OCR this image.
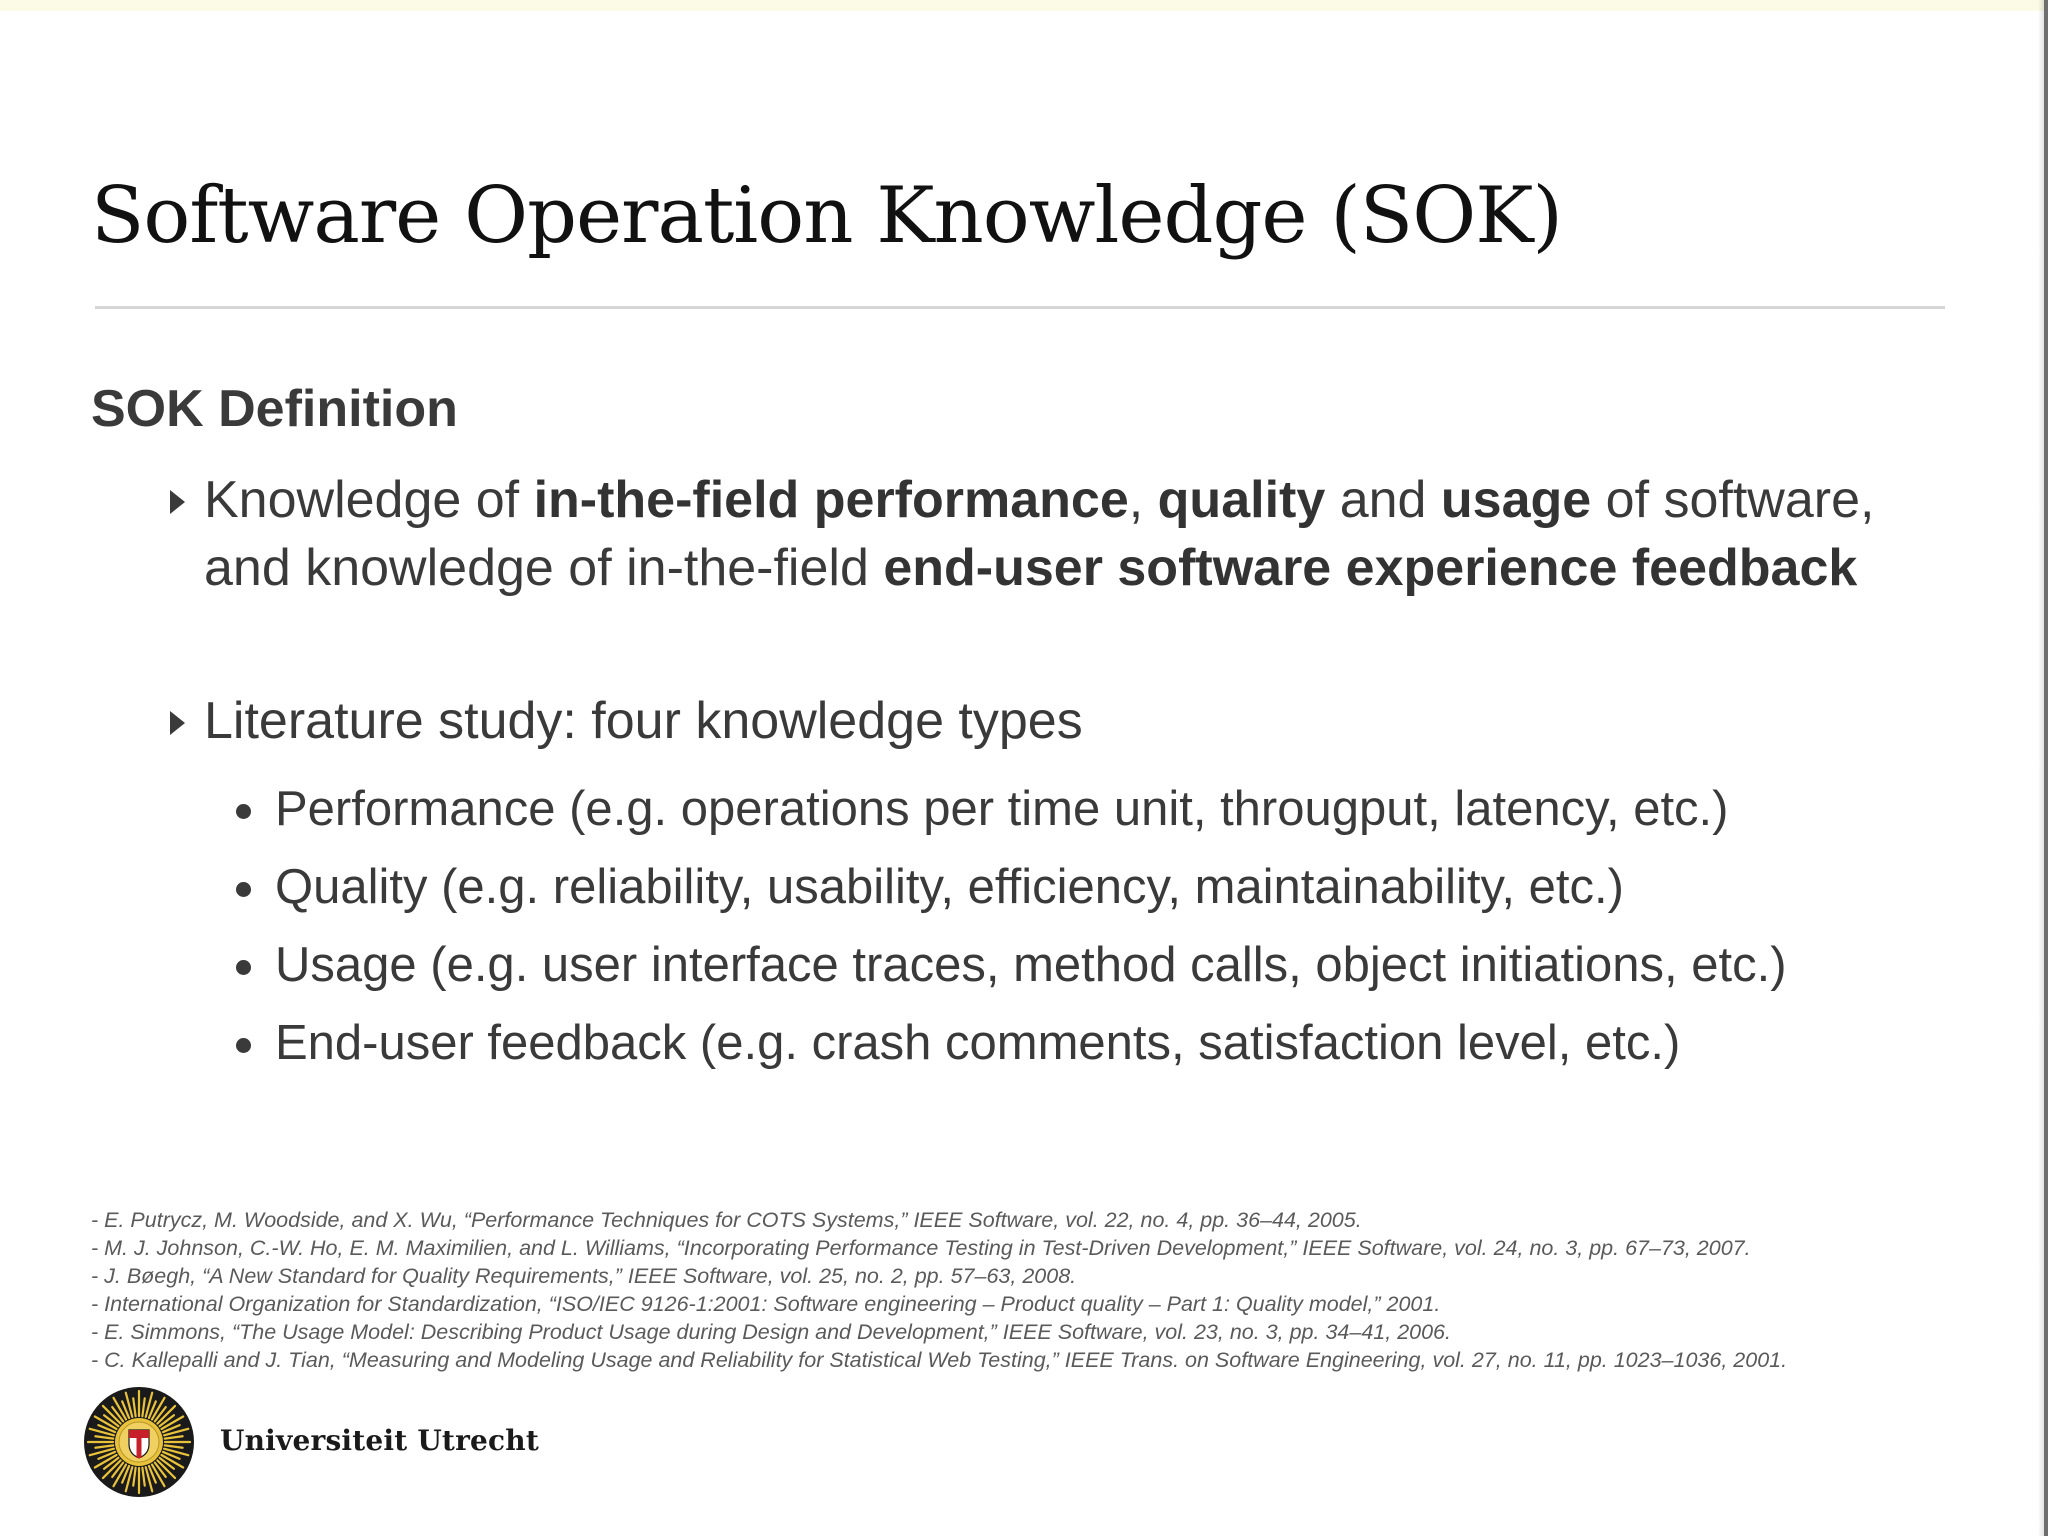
Software Operation Knowledge (SOK)
SOK Definition
Knowledge of in-the-field performance, quality and usage of software, and knowledge of in-the-field end-user software experience feedback
Literature study: four knowledge types
Performance (e.g. operations per time unit, througput, latency, etc.)
Quality (e.g. reliability, usability, efficiency, maintainability, etc.)
Usage (e.g. user interface traces, method calls, object initiations, etc.)
End-user feedback (e.g. crash comments, satisfaction level, etc.)
- E. Putrycz, M. Woodside, and X. Wu, “Performance Techniques for COTS Systems,” IEEE Software, vol. 22, no. 4, pp. 36–44, 2005.
- M. J. Johnson, C.-W. Ho, E. M. Maximilien, and L. Williams, “Incorporating Performance Testing in Test-Driven Development,” IEEE Software, vol. 24, no. 3, pp. 67–73, 2007.
- J. Bøegh, “A New Standard for Quality Requirements,” IEEE Software, vol. 25, no. 2, pp. 57–63, 2008.
- International Organization for Standardization, “ISO/IEC 9126-1:2001: Software engineering – Product quality – Part 1: Quality model,” 2001.
- E. Simmons, “The Usage Model: Describing Product Usage during Design and Development,” IEEE Software, vol. 23, no. 3, pp. 34–41, 2006.
- C. Kallepalli and J. Tian, “Measuring and Modeling Usage and Reliability for Statistical Web Testing,” IEEE Trans. on Software Engineering, vol. 27, no. 11, pp. 1023–1036, 2001.
Universiteit Utrecht
